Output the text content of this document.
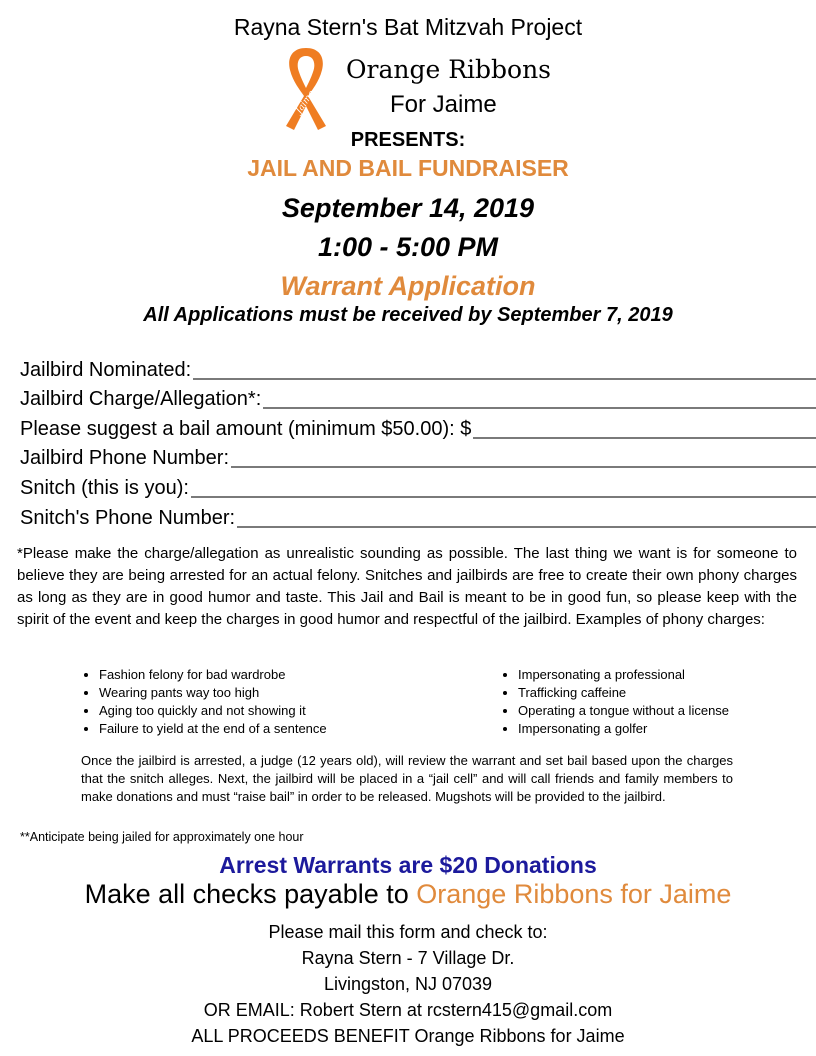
Rayna Stern's Bat Mitzvah Project
Jaime
Orange Ribbons
For Jaime
PRESENTS:
JAIL AND BAIL FUNDRAISER
September 14, 2019
1:00 - 5:00 PM
Warrant Application
All Applications must be received by September 7, 2019
Jailbird Nominated:
Jailbird Charge/Allegation*:
Please suggest a bail amount (minimum $50.00): $
Jailbird Phone Number:
Snitch (this is you):
Snitch's Phone Number:
*Please make the charge/allegation as unrealistic sounding as possible. The last thing we want is for someone to believe they are being arrested for an actual felony. Snitches and jailbirds are free to create their own phony charges as long as they are in good humor and taste. This Jail and Bail is meant to be in good fun, so please keep with the spirit of the event and keep the charges in good humor and respectful of the jailbird. Examples of phony charges:
• Fashion felony for bad wardrobe
• Wearing pants way too high
• Aging too quickly and not showing it
• Failure to yield at the end of a sentence
• Impersonating a professional
• Trafficking caffeine
• Operating a tongue without a license
• Impersonating a golfer
Once the jailbird is arrested, a judge (12 years old), will review the warrant and set bail based upon the charges that the snitch alleges. Next, the jailbird will be placed in a “jail cell” and will call friends and family members to make donations and must “raise bail” in order to be released. Mugshots will be provided to the jailbird.
**Anticipate being jailed for approximately one hour
Arrest Warrants are $20 Donations
Make all checks payable to Orange Ribbons for Jaime
Please mail this form and check to:
Rayna Stern - 7 Village Dr.
Livingston, NJ 07039
OR EMAIL: Robert Stern at rcstern415@gmail.com
ALL PROCEEDS BENEFIT Orange Ribbons for Jaime
